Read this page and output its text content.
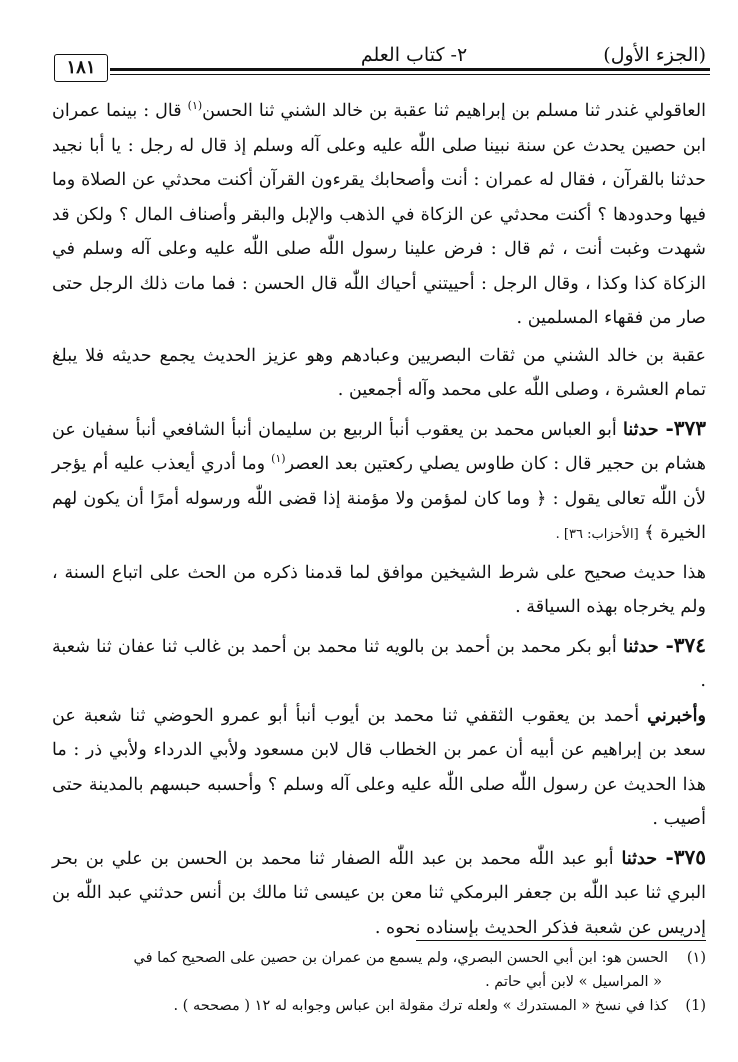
١٨١
٢- كتاب العلم	(الجزء الأول)

العاقولي غندر ثنا مسلم بن إبراهيم ثنا عقبة بن خالد الشني ثنا الحسن$^{(١)}$ قال : بينما عمران ابن حصين يحدث عن سنة نبينا صلى اللّٰه عليه وعلى آله وسلم إذ قال له رجل : يا أبا نجيد حدثنا بالقرآن ، فقال له عمران : أنت وأصحابك يقرءون القرآن أكنت محدثي عن الصلاة وما فيها وحدودها ؟ أكنت محدثي عن الزكاة في الذهب والإبل والبقر وأصناف المال ؟ ولكن قد شهدت وغبت أنت ، ثم قال : فرض علينا رسول اللّٰه صلى اللّٰه عليه وعلى آله وسلم في الزكاة كذا وكذا ، وقال الرجل : أحييتني أحياك اللّٰه قال الحسن : فما مات ذلك الرجل حتى صار من فقهاء المسلمين .

عقبة بن خالد الشني من ثقات البصريين وعبادهم وهو عزيز الحديث يجمع حديثه فلا يبلغ تمام العشرة ، وصلى اللّٰه على محمد وآله أجمعين .

٣٧٣- حدثنا أبو العباس محمد بن يعقوب أنبأ الربيع بن سليمان أنبأ الشافعي أنبأ سفيان عن هشام بن حجير قال : كان طاوس يصلي ركعتين بعد العصر$^{(١)}$ وما أدري أيعذب عليه أم يؤجر لأن اللّٰه تعالى يقول : ﴿ وما كان لمؤمن ولا مؤمنة إذا قضى اللّٰه ورسوله أمرًا أن يكون لهم الخيرة ﴾ [الأحزاب: ٣٦] .

هذا حديث صحيح على شرط الشيخين موافق لما قدمنا ذكره من الحث على اتباع السنة ، ولم يخرجاه بهذه السياقة .

٣٧٤- حدثنا أبو بكر محمد بن أحمد بن بالويه ثنا محمد بن أحمد بن غالب ثنا عفان ثنا شعبة .

وأخبرني أحمد بن يعقوب الثقفي ثنا محمد بن أيوب أنبأ أبو عمرو الحوضي ثنا شعبة عن سعد بن إبراهيم عن أبيه أن عمر بن الخطاب قال لابن مسعود ولأبي الدرداء ولأبي ذر : ما هذا الحديث عن رسول اللّٰه صلى اللّٰه عليه وعلى آله وسلم ؟ وأحسبه حبسهم بالمدينة حتى أصيب .

٣٧٥- حدثنا أبو عبد اللّٰه محمد بن عبد اللّٰه الصفار ثنا محمد بن الحسن بن علي بن بحر البري ثنا عبد اللّٰه بن جعفر البرمكي ثنا معن بن عيسى ثنا مالك بن أنس حدثني عبد اللّٰه بن إدريس عن شعبة فذكر الحديث بإسناده نحوه .

(١)الحسن هو: ابن أبي الحسن البصري، ولم يسمع من عمران بن حصين على الصحيح كما في

« المراسيل » لابن أبي حاتم .

(1)كذا في نسخ « المستدرك » ولعله ترك مقولة ابن عباس وجوابه له ١٢ ( مصححه ) .
